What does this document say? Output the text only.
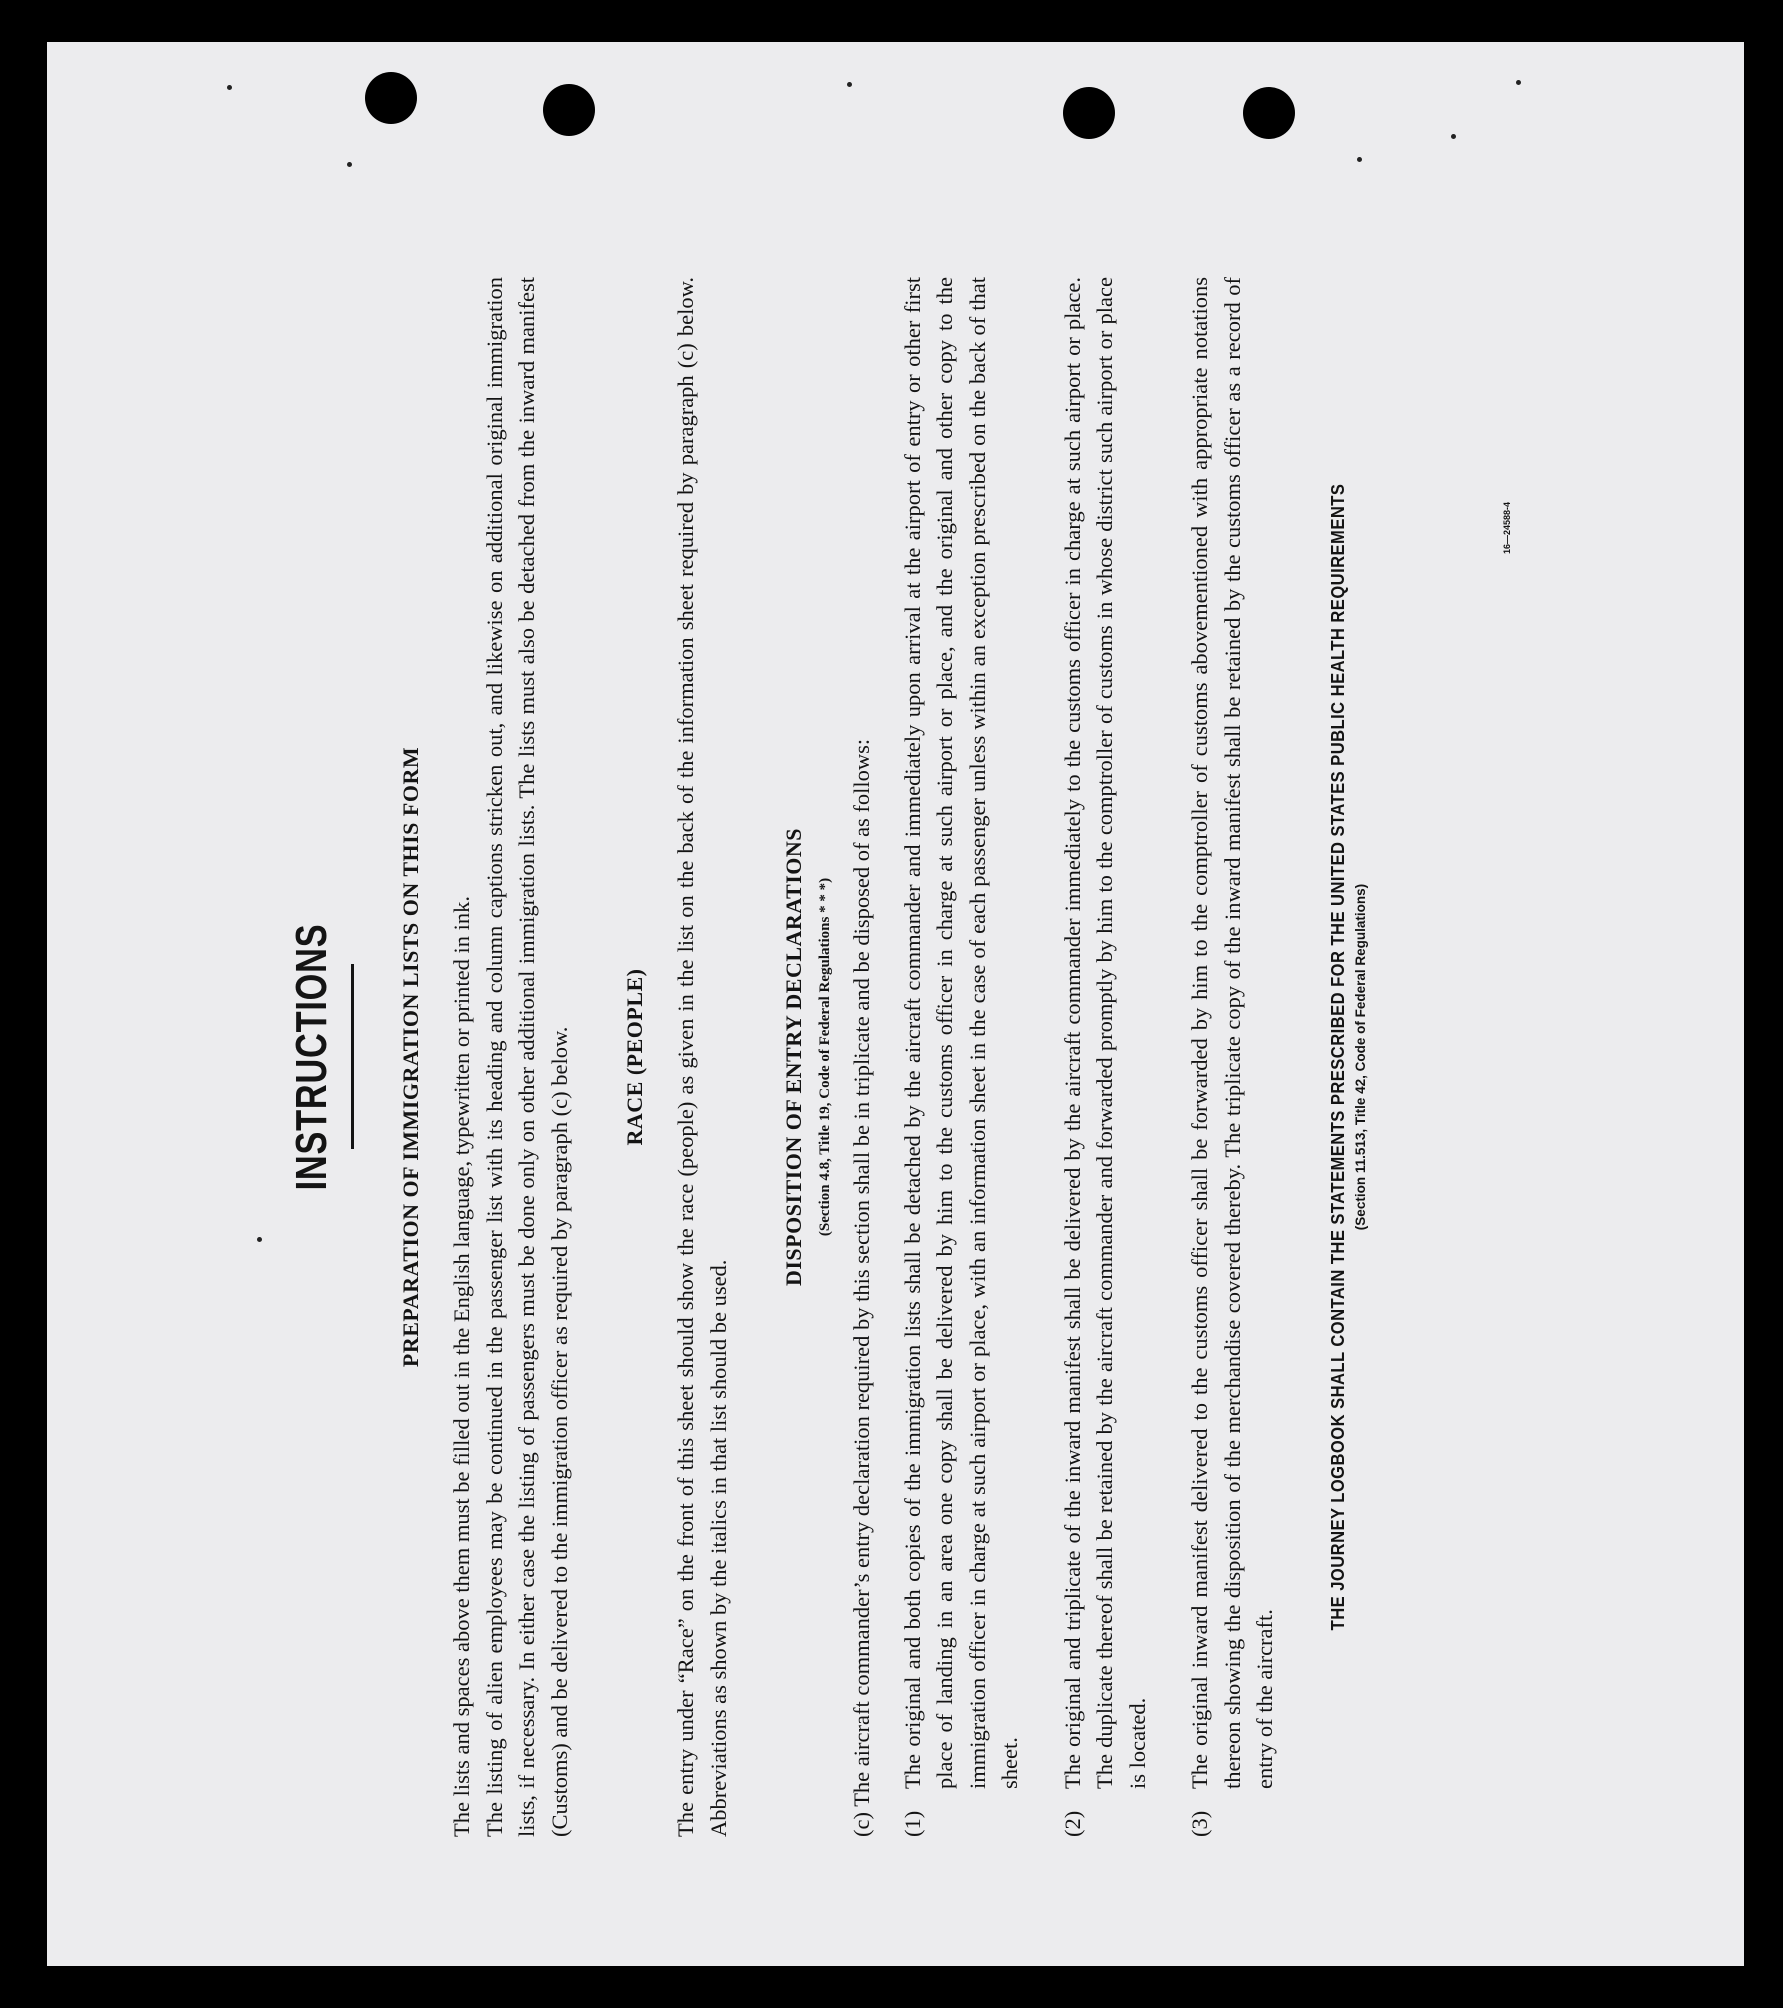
16—24588-4
INSTRUCTIONS	PREPARATION OF IMMIGRATION LISTS ON THIS FORM The lists and spaces above them must be filled out in the English language, typewritten or printed in ink. The listing of alien employees may be continued in the passenger list with its heading and column captions stricken out, and likewise on additional original immigration lists, if necessary. In either case the listing of passengers must be done only on other additional immigration lists. The lists must also be detached from the inward manifest (Customs) and be delivered to the immigration officer as required by paragraph (c) below. RACE (PEOPLE) The entry under “Race” on the front of this sheet should show the race (people) as given in the list on the back of the information sheet required by paragraph (c) below. Abbreviations as shown by the italics in that list should be used.

DISPOSITION OF ENTRY DECLARATIONS (Section 4.8, Title 19, Code of Federal Regulations * * *) (c) The aircraft commander’s entry declaration required by this section shall be in triplicate and be disposed of as follows: (1)
The original and both copies of the immigration lists shall be detached by the aircraft commander and immediately upon arrival at the airport of entry or other first place of landing in an area one copy shall be delivered by him to the customs officer in charge at such airport or place, and the original and other copy to the immigration officer in charge at such airport or place, with an information sheet in the case of each passenger unless within an exception prescribed on the back of that sheet.
(2)
The original and triplicate of the inward manifest shall be delivered by the aircraft commander immediately to the customs officer in charge at such airport or place. The duplicate thereof shall be retained by the aircraft commander and forwarded promptly by him to the comptroller of customs in whose district such airport or place is located.
(3)
The original inward manifest delivered to the customs officer shall be forwarded by him to the comptroller of customs abovementioned with appropriate notations thereon showing the disposition of the merchandise covered thereby. The triplicate copy of the inward manifest shall be retained by the customs officer as a record of entry of the aircraft.
THE JOURNEY LOGBOOK SHALL CONTAIN THE STATEMENTS PRESCRIBED FOR THE UNITED STATES PUBLIC HEALTH REQUIREMENTS (Section 11.513, Title 42, Code of Federal Regulations)
